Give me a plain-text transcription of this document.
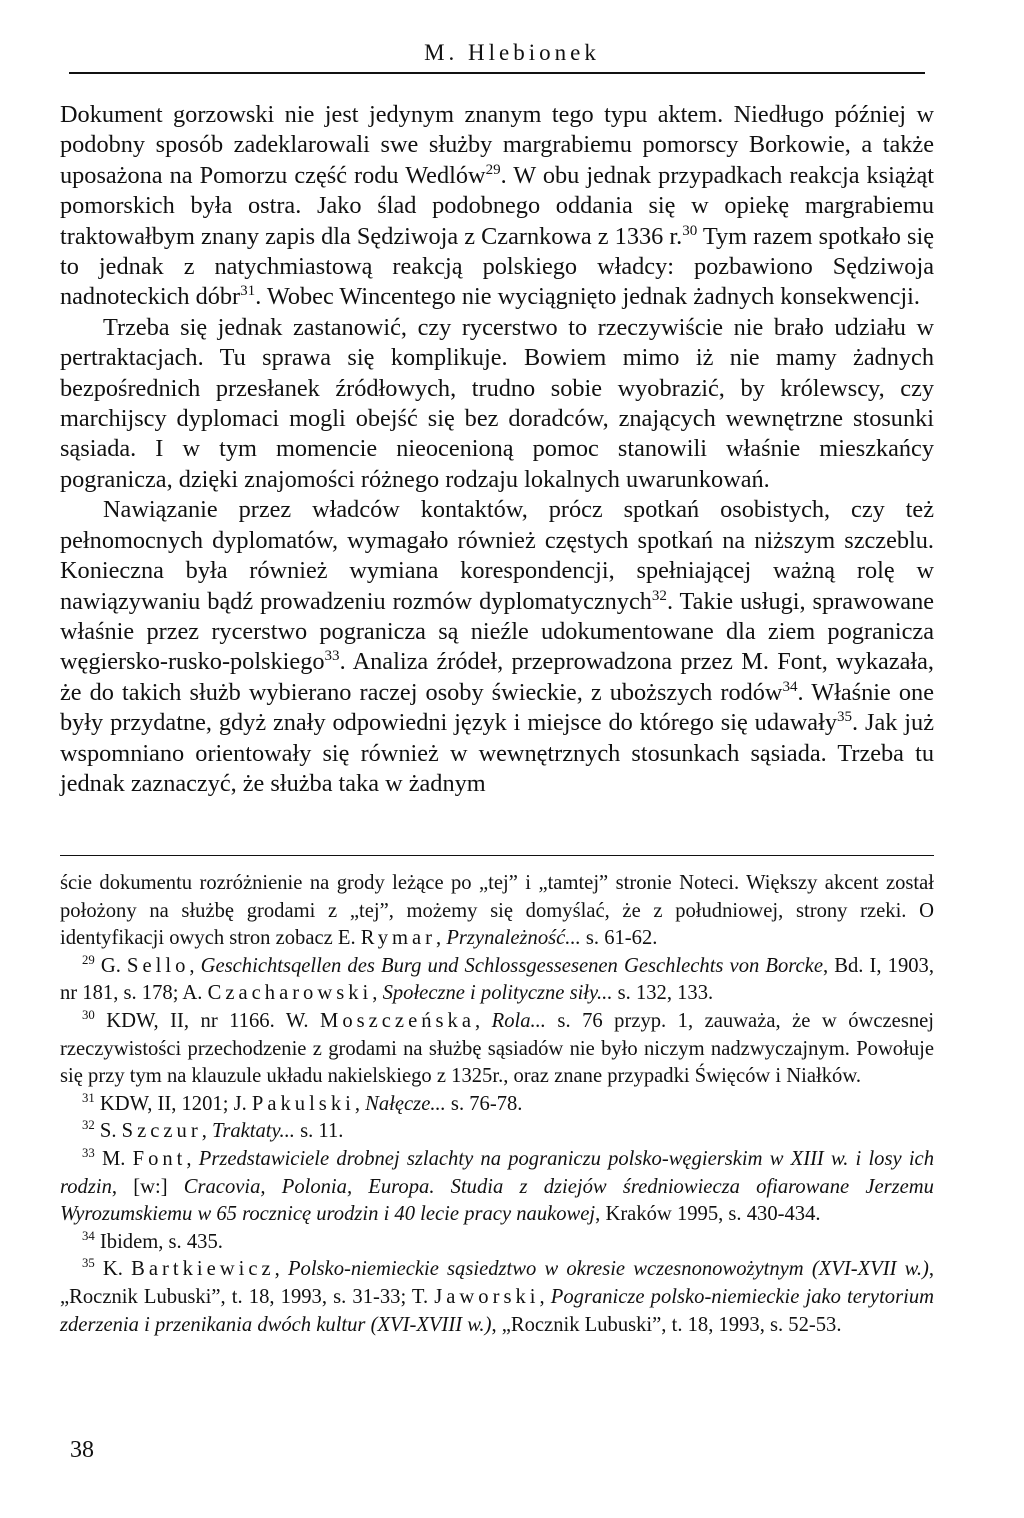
M. Hlebionek

Dokument gorzowski nie jest jedynym znanym tego typu aktem. Niedługo później w podobny sposób zadeklarowali swe służby margrabiemu pomorscy Borkowie, a także uposażona na Pomorzu część rodu Wedlów$^{29}$. W obu jednak przypadkach reakcja książąt pomorskich była ostra. Jako ślad podobnego oddania się w opiekę margrabiemu traktowałbym znany zapis dla Sędziwoja z Czarnkowa z 1336 r.$^{30}$ Tym razem spotkało się to jednak z natychmiastową reakcją polskiego władcy: pozbawiono Sędziwoja nadnoteckich dóbr$^{31}$. Wobec Wincentego nie wyciągnięto jednak żadnych konsekwencji.

Trzeba się jednak zastanowić, czy rycerstwo to rzeczywiście nie brało udziału w pertraktacjach. Tu sprawa się komplikuje. Bowiem mimo iż nie mamy żadnych bezpośrednich przesłanek źródłowych, trudno sobie wyobrazić, by królewscy, czy marchijscy dyplomaci mogli obejść się bez doradców, znających wewnętrzne stosunki sąsiada. I w tym momencie nieocenioną pomoc stanowili właśnie mieszkańcy pogranicza, dzięki znajomości różnego rodzaju lokalnych uwarunkowań.

Nawiązanie przez władców kontaktów, prócz spotkań osobistych, czy też pełnomocnych dyplomatów, wymagało również częstych spotkań na niższym szczeblu. Konieczna była również wymiana korespondencji, spełniającej ważną rolę w nawiązywaniu bądź prowadzeniu rozmów dyplomatycznych$^{32}$. Takie usługi, sprawowane właśnie przez rycerstwo pogranicza są nieźle udokumentowane dla ziem pogranicza węgiersko-rusko-polskiego$^{33}$. Analiza źródeł, przeprowadzona przez M. Font, wykazała, że do takich służb wybierano raczej osoby świeckie, z uboższych rodów$^{34}$. Właśnie one były przydatne, gdyż znały odpowiedni język i miejsce do którego się udawały$^{35}$. Jak już wspomniano orientowały się również w wewnętrznych stosunkach sąsiada. Trzeba tu jednak zaznaczyć, że służba taka w żadnym

ście dokumentu rozróżnienie na grody leżące po „tej” i „tamtej” stronie Noteci. Większy akcent został położony na służbę grodami z „tej”, możemy się domyślać, że z południowej, strony rzeki. O identyfikacji owych stron zobacz E. Rymar, Przynależność... s. 61-62.

$^{29}$ G. Sello, Geschichtsqellen des Burg und Schlossgessesenen Geschlechts von Borcke, Bd. I, 1903, nr 181, s. 178; A. Czacharowski, Społeczne i polityczne siły... s. 132, 133.

$^{30}$ KDW, II, nr 1166. W. Moszczeńska, Rola... s. 76 przyp. 1, zauważa, że w ówczesnej rzeczywistości przechodzenie z grodami na służbę sąsiadów nie było niczym nadzwyczajnym. Powołuje się przy tym na klauzule układu nakielskiego z 1325r., oraz znane przypadki Święców i Niałków.

$^{31}$ KDW, II, 1201; J. Pakulski, Nałęcze... s. 76-78.

$^{32}$ S. Szczur, Traktaty... s. 11.

$^{33}$ M. Font, Przedstawiciele drobnej szlachty na pograniczu polsko-węgierskim w XIII w. i losy ich rodzin, [w:] Cracovia, Polonia, Europa. Studia z dziejów średniowiecza ofiarowane Jerzemu Wyrozumskiemu w 65 rocznicę urodzin i 40 lecie pracy naukowej, Kraków 1995, s. 430-434.

$^{34}$ Ibidem, s. 435.

$^{35}$ K. Bartkiewicz, Polsko-niemieckie sąsiedztwo w okresie wczesnonowożytnym (XVI-XVII w.), „Rocznik Lubuski”, t. 18, 1993, s. 31-33; T. Jaworski, Pogranicze polsko-niemieckie jako terytorium zderzenia i przenikania dwóch kultur (XVI-XVIII w.), „Rocznik Lubuski”, t. 18, 1993, s. 52-53.

38
